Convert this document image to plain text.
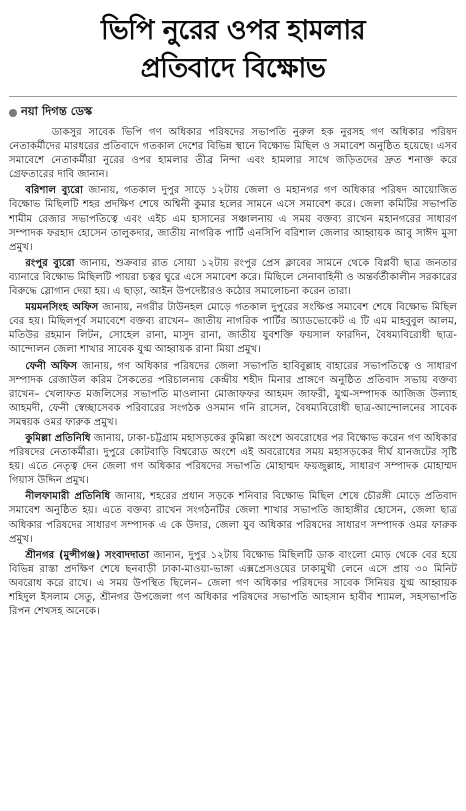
ভিপি নুরের ওপর হামলার
প্রতিবাদে বিক্ষোভ
নয়া দিগন্ত ডেস্ক

ডাকসুর সাবেক ভিপি গণ অধিকার পরিষদের সভাপতি নুরুল হক নুরসহ গণ অধিকার পরিষদ নেতাকর্মীদের মারধরের প্রতিবাদে গতকাল দেশের বিভিন্ন স্থানে বিক্ষোভ মিছিল ও সমাবেশ অনুষ্ঠিত হয়েছে। এসব সমাবেশে নেতাকর্মীরা নুরের ওপর হামলার তীব্র নিন্দা এবং হামলার সাথে জড়িতদের দ্রুত শনাক্ত করে গ্রেফতারের দাবি জানান।

বরিশাল ব্যুরো জানায়, গতকাল দুপুর সাড়ে ১২টায় জেলা ও মহানগর গণ অধিকার পরিষদ আয়োজিত বিক্ষোভ মিছিলটি শহর প্রদক্ষিণ শেষে অশ্বিনী কুমার হলের সামনে এসে সমাবেশ করে। জেলা কমিটির সভাপতি শামীম রেজার সভাপতিত্বে এবং এইচ এম হাসানের সঞ্চালনায় এ সময় বক্তব্য রাখেন মহানগরের সাধারণ সম্পাদক ফরহাদ হোসেন তালুকদার, জাতীয় নাগরিক পার্টি এনসিপি বরিশাল জেলার আহ্বায়ক আবু সাঈদ মুসা প্রমুখ।

রংপুর ব্যুরো জানায়, শুক্রবার রাত সোয়া ১২টায় রংপুর প্রেস ক্লাবের সামনে থেকে বিপ্লবী ছাত্র জনতার ব্যানারে বিক্ষোভ মিছিলটি পায়রা চত্বর ঘুরে এসে সমাবেশ করে। মিছিলে সেনাবাহিনী ও অন্তর্বর্তীকালীন সরকারের বিরুদ্ধে স্লোগান দেয়া হয়। এ ছাড়া, আইন উপদেষ্টারও কঠোর সমালোচনা করেন তারা।

ময়মনসিংহ অফিস জানায়, নগরীর টাউনহল মোড়ে গতকাল দুপুরের সংক্ষিপ্ত সমাবেশ শেষে বিক্ষোভ মিছিল বের হয়। মিছিলপূর্ব সমাবেশে বক্তব্য রাখেন– জাতীয় নাগরিক পার্টির অ্যাডভোকেট এ টি এম মাহবুবুল আলম, মতিউর রহমান লিটন, সোহেল রানা, মাসুদ রানা, জাতীয় যুবশক্তি ফয়সাল ফারদিন, বৈষম্যবিরোধী ছাত্র-আন্দোলন জেলা শাখার সাবেক যুগ্ম আহ্বায়ক রানা মিয়া প্রমুখ।

ফেনী অফিস জানায়, গণ অধিকার পরিষদের জেলা সভাপতি হাবিবুল্লাহ বাহারের সভাপতিত্বে ও সাধারণ সম্পাদক রেজাউল করিম সৈকতের পরিচালনায় কেন্দ্রীয় শহীদ মিনার প্রাঙ্গণে অনুষ্ঠিত প্রতিবাদ সভায় বক্তব্য রাখেন– খেলাফত মজলিসের সভাপতি মাওলানা মোজাফফর আহমদ জাফরী, যুগ্ম-সম্পাদক আজিজ উল্যাহ আহমদী, ফেনী স্বেচ্ছাসেবক পরিবারের সংগঠক ওসমান গনি রাসেল, বৈষম্যবিরোধী ছাত্র-আন্দোলনের সাবেক সমন্বয়ক ওমর ফারুক প্রমুখ।

কুমিল্লা প্রতিনিধি জানায়, ঢাকা-চট্টগ্রাম মহাসড়কের কুমিল্লা অংশে অবরোধের পর বিক্ষোভ করেন গণ অধিকার পরিষদের নেতাকর্মীরা। দুপুরে কোটবাড়ি বিশ্বরোড অংশে এই অবরোধের সময় মহাসড়কের দীর্ঘ যানজটের সৃষ্টি হয়। এতে নেতৃত্ব দেন জেলা গণ অধিকার পরিষদের সভাপতি মোহাম্মদ ফয়জুল্লাহ, সাধারণ সম্পাদক মোহাম্মদ গিয়াস উদ্দিন প্রমুখ।

নীলফামারী প্রতিনিধি জানায়, শহরের প্রধান সড়কে শনিবার বিক্ষোভ মিছিল শেষে চৌরঙ্গী মোড়ে প্রতিবাদ সমাবেশ অনুষ্ঠিত হয়। এতে বক্তব্য রাখেন সংগঠনটির জেলা শাখার সভাপতি জাহাঙ্গীর হোসেন, জেলা ছাত্র অধিকার পরিষদের সাধারণ সম্পাদক এ কে উদার, জেলা যুব অধিকার পরিষদের সাধারণ সম্পাদক ওমর ফারুক প্রমুখ।

শ্রীনগর (মুন্সীগঞ্জ) সংবাদদাতা জানান, দুপুর ১২টায় বিক্ষোভ মিছিলটি ডাক বাংলো মোড় থেকে বের হয়ে বিভিন্ন রাস্তা প্রদক্ষিণ শেষে ছনবাড়ী ঢাকা-মাওয়া-ভাঙ্গা এক্সপ্রেসওয়ের ঢাকামুখী লেনে এসে প্রায় ৩০ মিনিট অবরোধ করে রাখে। এ সময় উপস্থিত ছিলেন– জেলা গণ অধিকার পরিষদের সাবেক সিনিয়র যুগ্ম আহ্বায়ক শহিদুল ইসলাম সেতু, শ্রীনগর উপজেলা গণ অধিকার পরিষদের সভাপতি আহসান হাবীব শ্যামল, সহসভাপতি রিপন শেখসহ অনেকে।
